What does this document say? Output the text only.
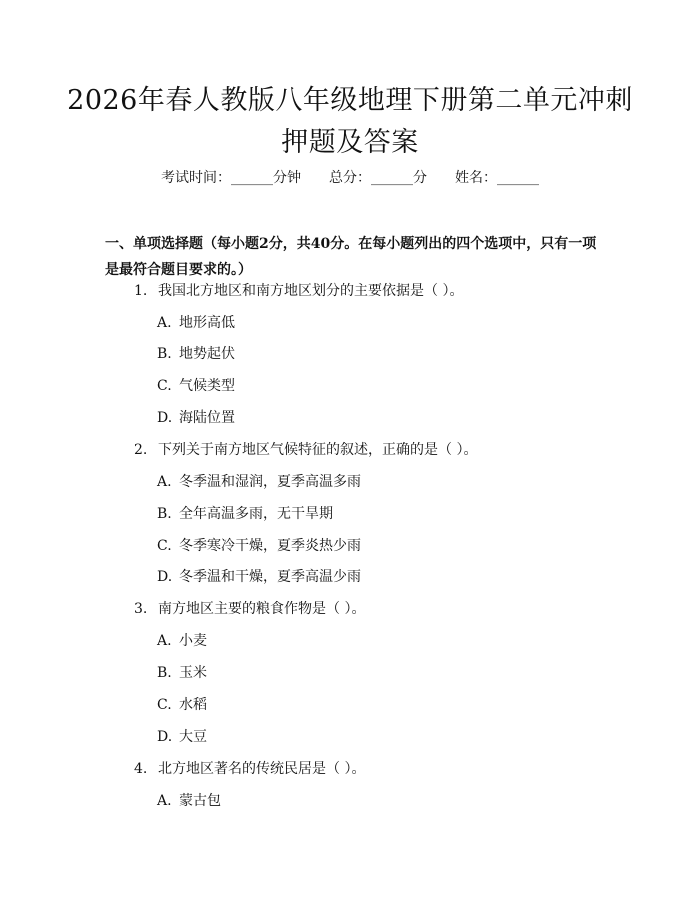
2026年春人教版八年级地理下册第二单元冲刺押题及答案
考试时间：______分钟 总分：______分 姓名：______
一、单项选择题（每小题2分，共40分。在每小题列出的四个选项中，只有一项是最符合题目要求的。）
1. 我国北方地区和南方地区划分的主要依据是（ ）。
A. 地形高低
B. 地势起伏
C. 气候类型
D. 海陆位置
2. 下列关于南方地区气候特征的叙述，正确的是（ ）。
A. 冬季温和湿润，夏季高温多雨
B. 全年高温多雨，无干旱期
C. 冬季寒冷干燥，夏季炎热少雨
D. 冬季温和干燥，夏季高温少雨
3. 南方地区主要的粮食作物是（ ）。
A. 小麦
B. 玉米
C. 水稻
D. 大豆
4. 北方地区著名的传统民居是（ ）。
A. 蒙古包
